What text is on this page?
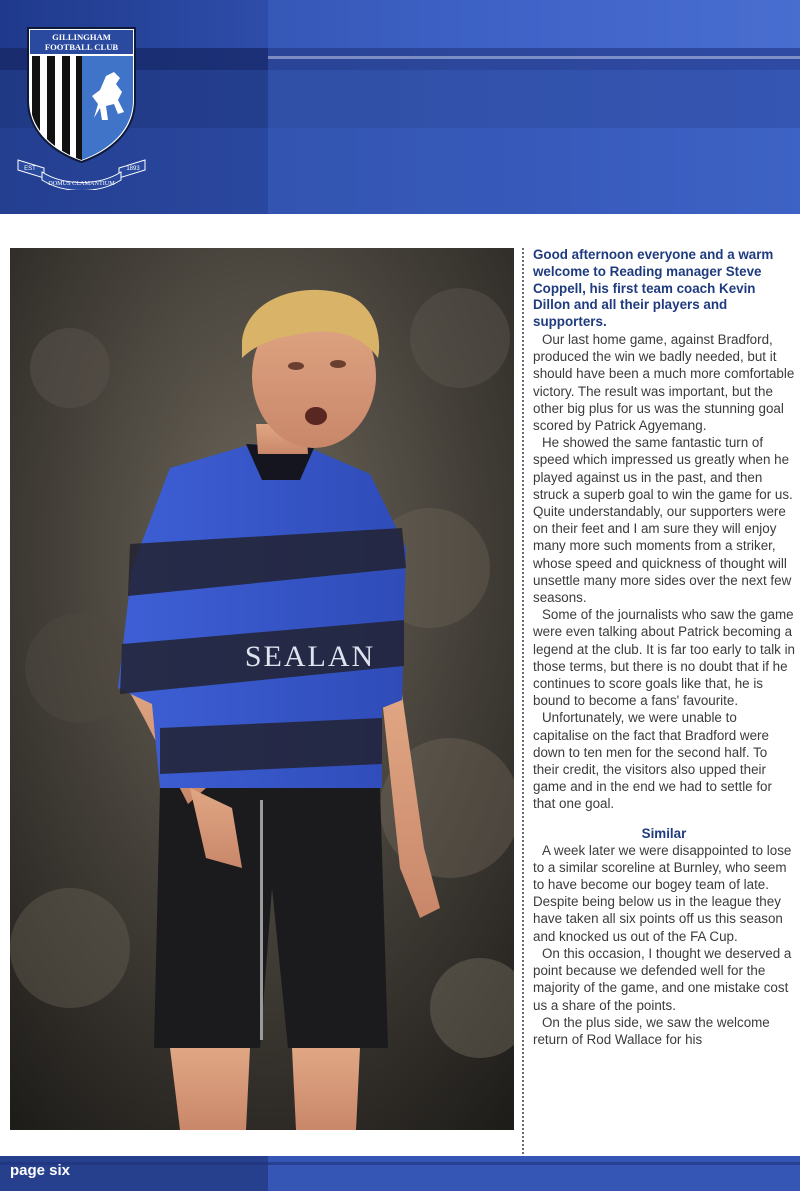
GILLINGHAM
FOOTBALL CLUB
EST	1893
DOMUS CLAMANTIUM
SEALAN

Good afternoon everyone and a warm welcome to Reading manager Steve Coppell, his first team coach Kevin Dillon and all their players and supporters.

Our last home game, against Bradford, produced the win we badly needed, but it should have been a much more comfortable victory. The result was important, but the other big plus for us was the stunning goal scored by Patrick Agyemang.

He showed the same fantastic turn of speed which impressed us greatly when he played against us in the past, and then struck a superb goal to win the game for us. Quite understandably, our supporters were on their feet and I am sure they will enjoy many more such moments from a striker, whose speed and quickness of thought will unsettle many more sides over the next few seasons.

Some of the journalists who saw the game were even talking about Patrick becoming a legend at the club. It is far too early to talk in those terms, but there is no doubt that if he continues to score goals like that, he is bound to become a fans' favourite.

Unfortunately, we were unable to capitalise on the fact that Bradford were down to ten men for the second half. To their credit, the visitors also upped their game and in the end we had to settle for that one goal.

Similar

A week later we were disappointed to lose to a similar scoreline at Burnley, who seem to have become our bogey team of late. Despite being below us in the league they have taken all six points off us this season and knocked us out of the FA Cup.

On this occasion, I thought we deserved a point because we defended well for the majority of the game, and one mistake cost us a share of the points.

On the plus side, we saw the welcome return of Rod Wallace for his

page six
